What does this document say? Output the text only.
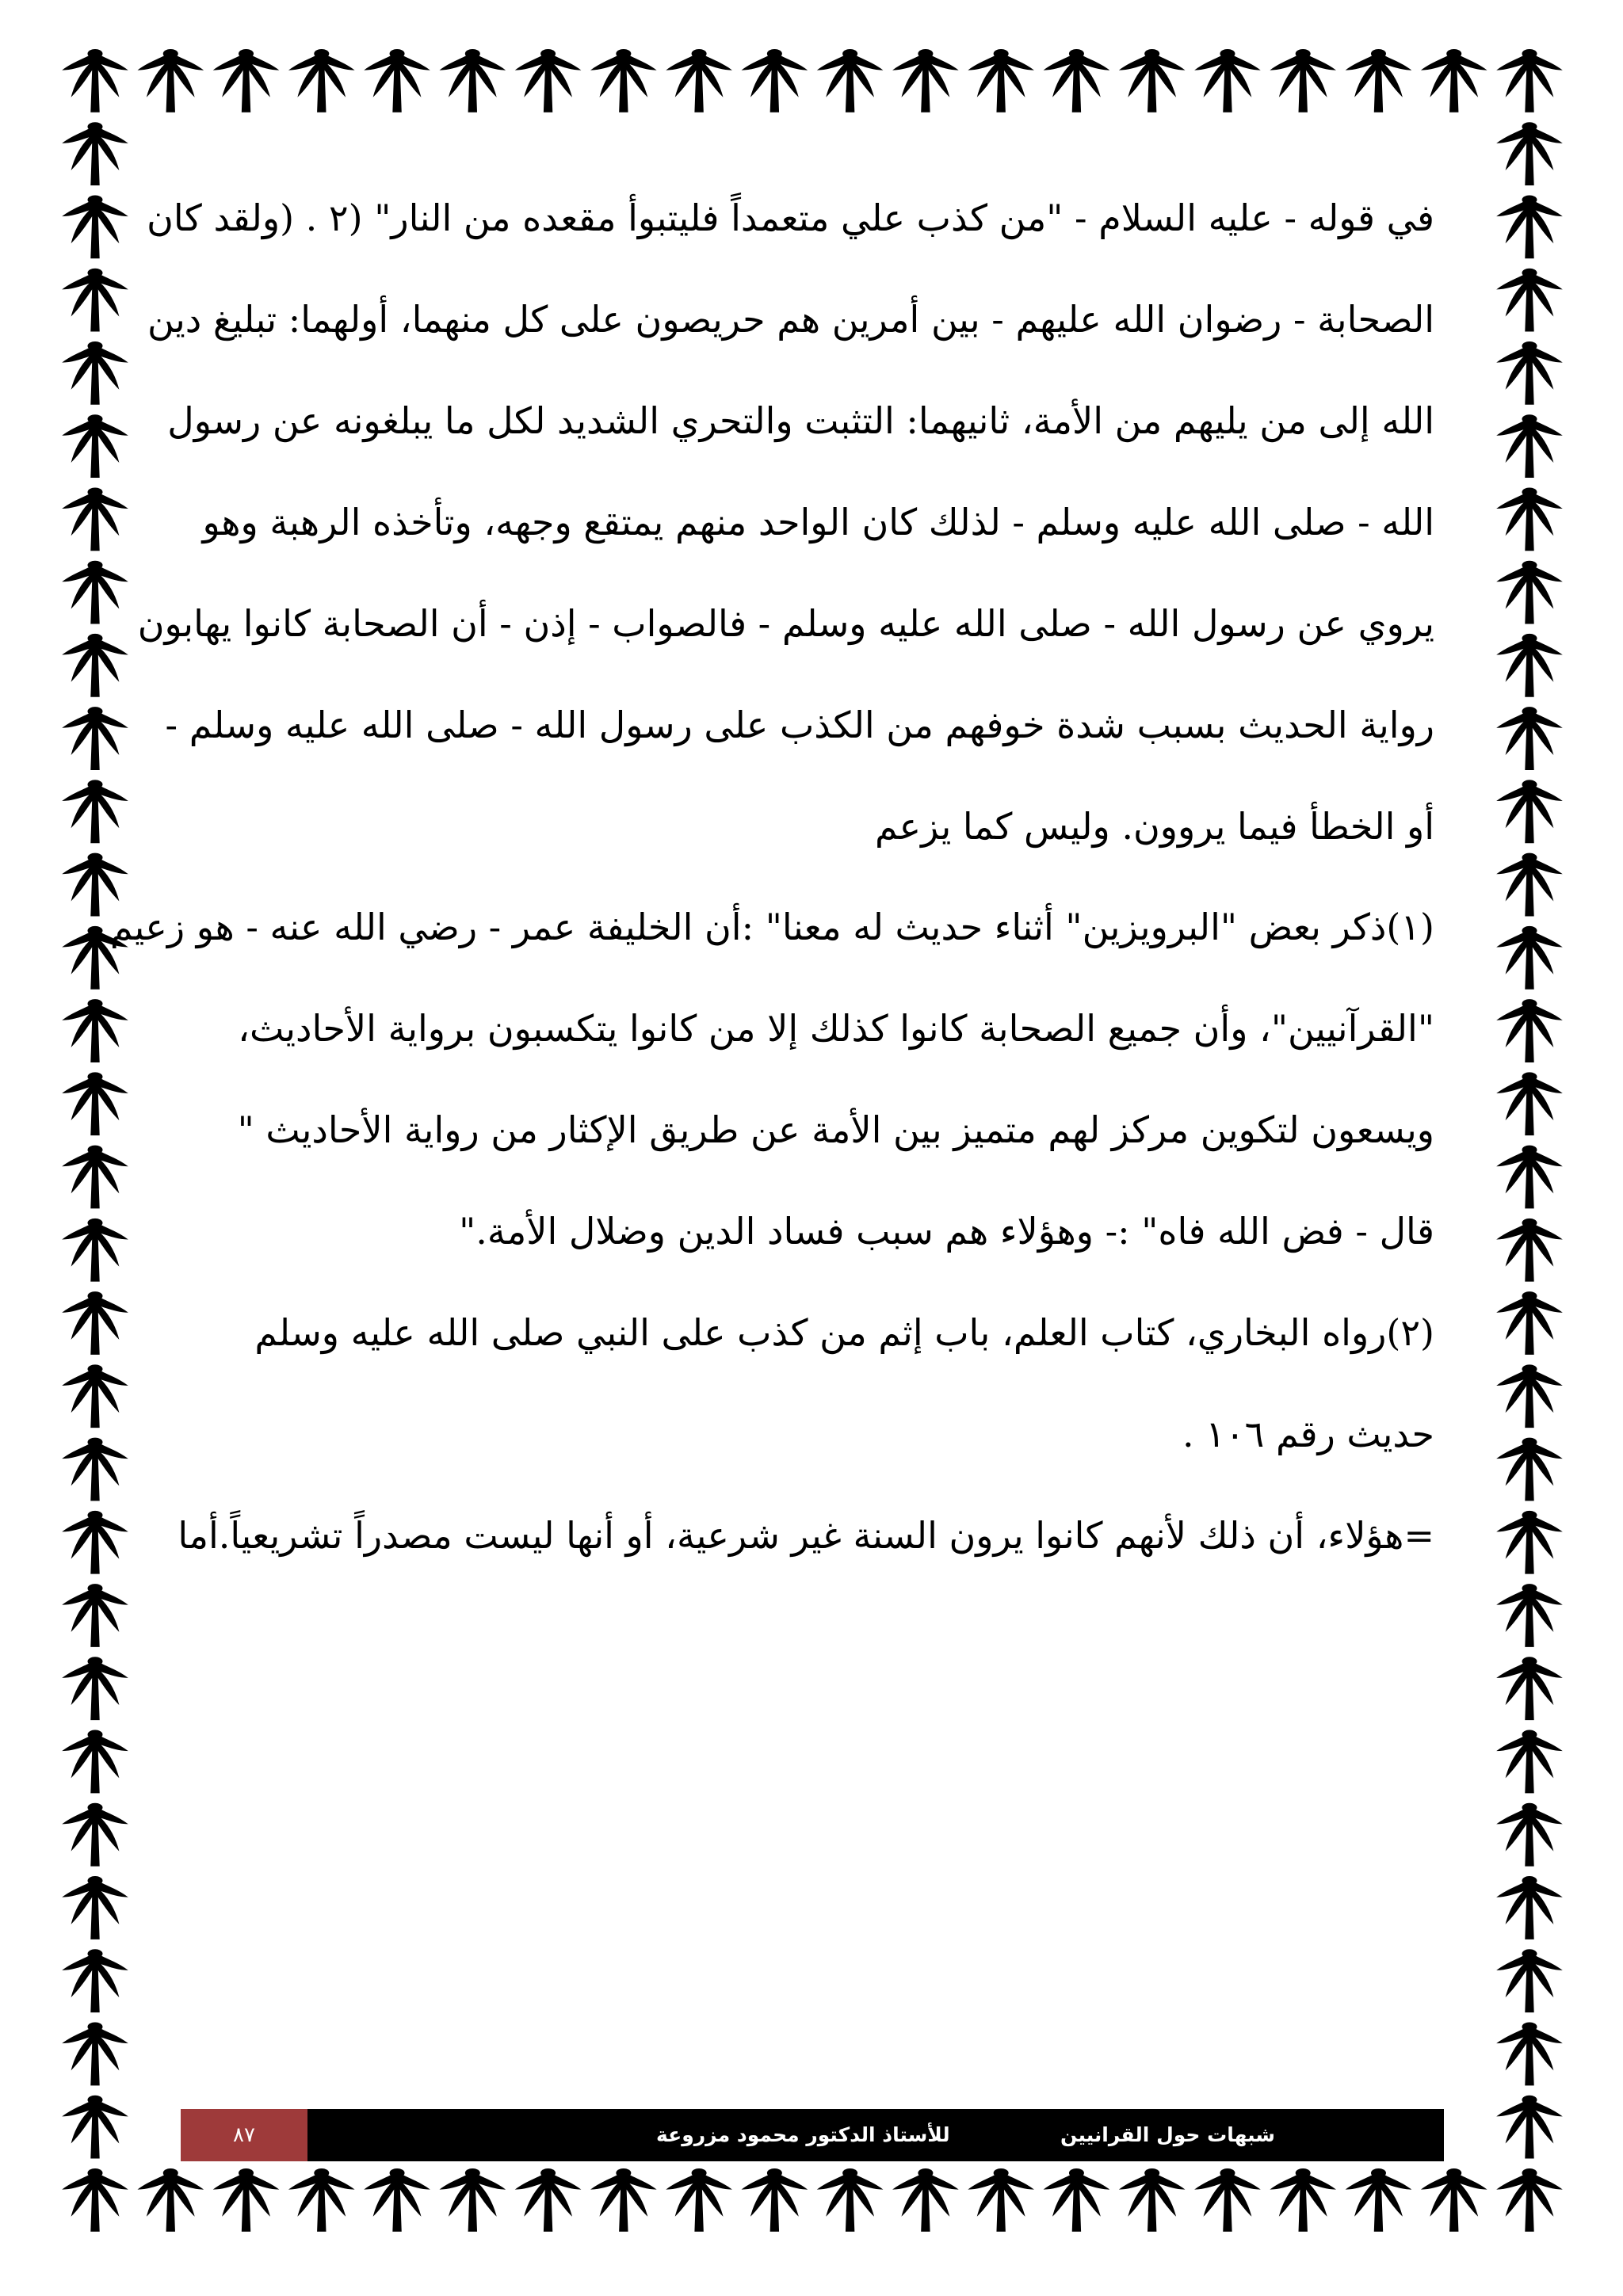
في قوله - عليه السلام - "من كذب علي متعمداً فليتبوأ مقعده من النار" (٢ . (ولقد كان
الصحابة - رضوان الله عليهم - بين أمرين هم حريصون على كل منهما، أولهما: تبليغ دين
الله إلى من يليهم من الأمة، ثانيهما: التثبت والتحري الشديد لكل ما يبلغونه عن رسول
الله - صلى الله عليه وسلم - لذلك كان الواحد منهم يمتقع وجهه، وتأخذه الرهبة وهو
يروي عن رسول الله - صلى الله عليه وسلم - فالصواب - إذن - أن الصحابة كانوا يهابون
رواية الحديث بسبب شدة خوفهم من الكذب على رسول الله - صلى الله عليه وسلم -
أو الخطأ فيما يروون. وليس كما يزعم
(١)ذكر بعض "البرويزين" أثناء حديث له معنا" :أن الخليفة عمر - رضي الله عنه - هو زعيم
"القرآنيين"، وأن جميع الصحابة كانوا كذلك إلا من كانوا يتكسبون برواية الأحاديث،
ويسعون لتكوين مركز لهم متميز بين الأمة عن طريق الإكثار من رواية الأحاديث "
قال - فض الله فاه" :- وهؤلاء هم سبب فساد الدين وضلال الأمة."
(٢)رواه البخاري، كتاب العلم، باب إثم من كذب على النبي صلى الله عليه وسلم
حديث رقم ١٠٦ .
=هؤلاء، أن ذلك لأنهم كانوا يرون السنة غير شرعية، أو أنها ليست مصدراً تشريعياً.أما
٨٧	للأستاذ الدكتور محمود مزروعة	شبهات حول القرانيين
